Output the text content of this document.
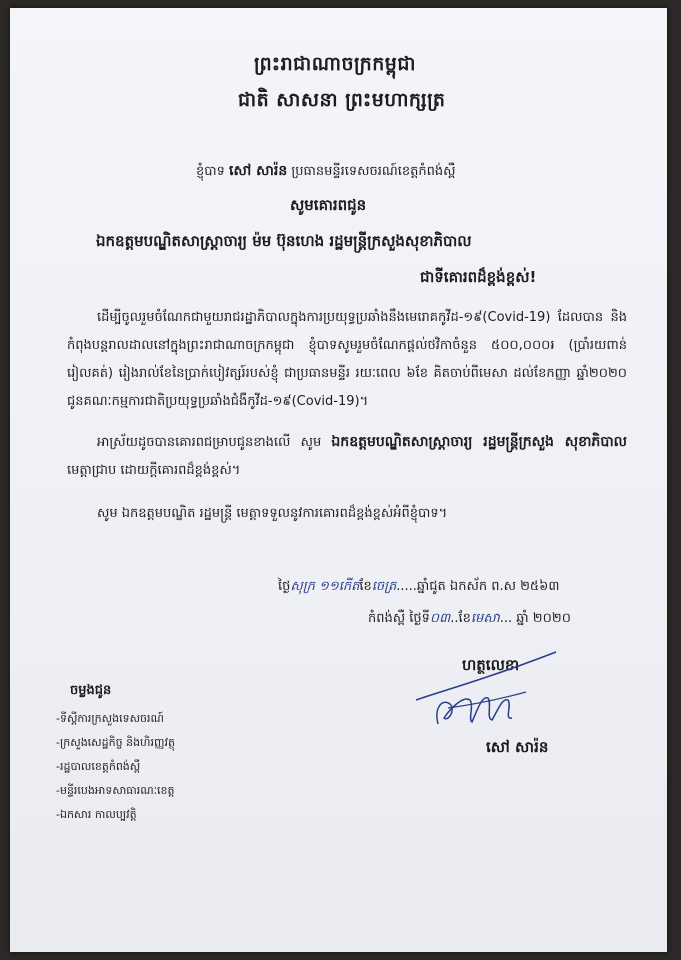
ព្រះរាជាណាចក្រកម្ពុជា
ជាតិ សាសនា ព្រះមហាក្សត្រ
ខ្ញុំបាទ សៅ សារ៉ន ប្រធានមន្ទីរទេសចរណ៍ខេត្តកំពង់ស្ពឺ
សូមគោរពជូន
ឯកឧត្តមបណ្ឌិតសាស្ត្រាចារ្យ ម៉ម ប៊ុនហេង រដ្ឋមន្ត្រីក្រសួងសុខាភិបាល
ជាទីគោរពដ៏ខ្ពង់ខ្ពស់!
ដើម្បីចូលរួមចំណែកជាមួយរាជរដ្ឋាភិបាលក្នុងការប្រយុទ្ធប្រឆាំងនឹងមេរោគកូវីដ-១៩(Covid-19) ដែលបាន និងកំពុងបន្តរាលដាលនៅក្នុងព្រះរាជាណាចក្រកម្ពុជា ខ្ញុំបាទសូមរួមចំណែកផ្តល់ថវិកាចំនួន ៥០០,០០០៛ (ប្រាំរយពាន់ រៀលគត់) រៀងរាល់ខែនៃប្រាក់បៀវត្សរ៍របស់ខ្ញុំ ជាប្រធានមន្ទីរ រយៈពេល ៦ខែ គិតចាប់ពីមេសា ដល់ខែកញ្ញា ឆ្នាំ២០២០ ជូនគណៈកម្មការជាតិប្រយុទ្ធប្រឆាំងជំងឺកូវីដ-១៩(Covid-19)។
អាស្រ័យដូចបានគោរពជម្រាបជូនខាងលើ សូម ឯកឧត្តមបណ្ឌិតសាស្ត្រាចារ្យ រដ្ឋមន្ត្រីក្រសួង សុខាភិបាល មេត្តាជ្រាប ដោយក្តីគោរពដ៏ខ្ពង់ខ្ពស់។
សូម ឯកឧត្តមបណ្ឌិត រដ្ឋមន្ត្រី មេត្តាទទួលនូវការគោរពដ៏ខ្ពង់ខ្ពស់អំពីខ្ញុំបាទ។
ថ្ងៃសុក្រ ១១កើតខែចេត្រ.....ឆ្នាំជូត ឯកស័ក ព.ស ២៥៦៣
កំពង់ស្ពឺ ថ្ងៃទី០៣..ខែមេសា... ឆ្នាំ ២០២០
ហត្ថលេខា
សៅ សារ៉ន
ចម្លងជូន
-ទីស្តីការក្រសួងទេសចរណ៍
-ក្រសួងសេដ្ឋកិច្ច និងហិរញ្ញវត្ថុ
-រដ្ឋបាលខេត្តកំពង់ស្ពឺ
-មន្ទីរបេងអាទសាធារណៈខេត្ត
-ឯកសារ កាលប្បវត្តិ
